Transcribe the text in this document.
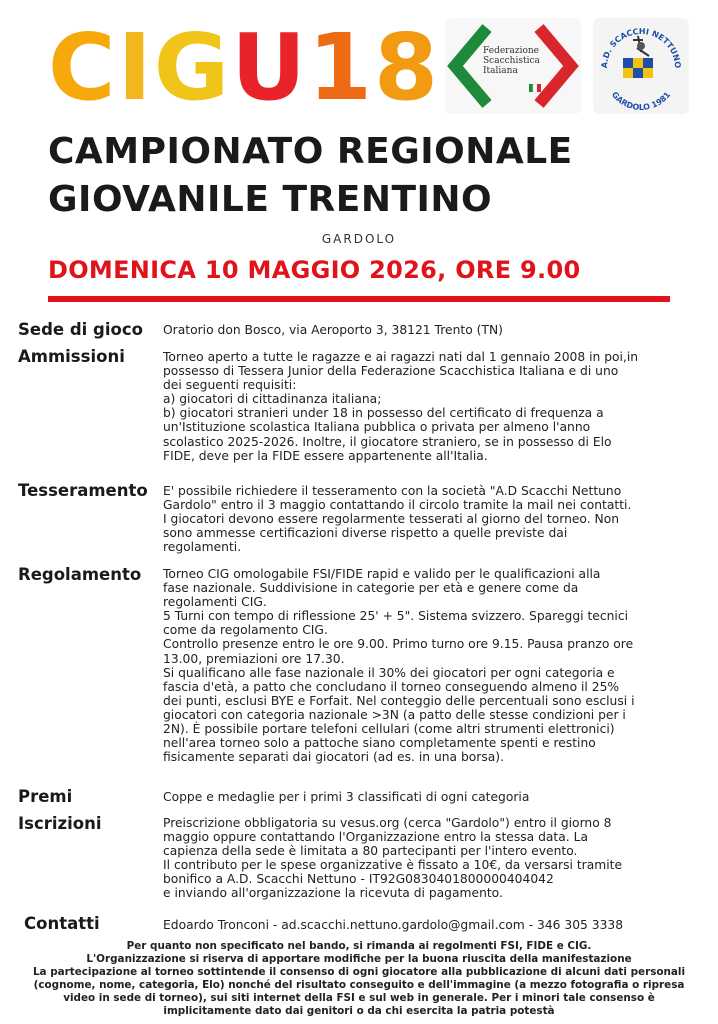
CIGU18	Federazione Scacchistica Italiana
A.D. SCACCHI NETTUNO
GARDOLO 1981
CAMPIONATO REGIONALE
GIOVANILE TRENTINO
GARDOLO
DOMENICA 10 MAGGIO 2026, ORE 9.00
Sede di gioco	Oratorio don Bosco, via Aeroporto 3, 38121 Trento (TN)
Ammissioni	Torneo aperto a tutte le ragazze e ai ragazzi nati dal 1 gennaio 2008 in poi,in
possesso di Tessera Junior della Federazione Scacchistica Italiana e di uno
dei seguenti requisiti:
a) giocatori di cittadinanza italiana;
b) giocatori stranieri under 18 in possesso del certificato di frequenza a
un'Istituzione scolastica Italiana pubblica o privata per almeno l'anno
scolastico 2025-2026. Inoltre, il giocatore straniero, se in possesso di Elo
FIDE, deve per la FIDE essere appartenente all'Italia.
Tesseramento	E' possibile richiedere il tesseramento con la società "A.D Scacchi Nettuno
Gardolo" entro il 3 maggio contattando il circolo tramite la mail nei contatti.
I giocatori devono essere regolarmente tesserati al giorno del torneo. Non
sono ammesse certificazioni diverse rispetto a quelle previste dai
regolamenti.
Regolamento	Torneo CIG omologabile FSI/FIDE rapid e valido per le qualificazioni alla
fase nazionale. Suddivisione in categorie per età e genere come da
regolamenti CIG.
5 Turni con tempo di riflessione 25' + 5". Sistema svizzero. Spareggi tecnici
come da regolamento CIG.
Controllo presenze entro le ore 9.00. Primo turno ore 9.15. Pausa pranzo ore
13.00, premiazioni ore 17.30.
Si qualificano alle fase nazionale il 30% dei giocatori per ogni categoria e
fascia d'età, a patto che concludano il torneo conseguendo almeno il 25%
dei punti, esclusi BYE e Forfait. Nel conteggio delle percentuali sono esclusi i
giocatori con categoria nazionale >3N (a patto delle stesse condizioni per i
2N). È possibile portare telefoni cellulari (come altri strumenti elettronici)
nell'area torneo solo a pattoche siano completamente spenti e restino
fisicamente separati dai giocatori (ad es. in una borsa).
Premi	Coppe e medaglie per i primi 3 classificati di ogni categoria
Iscrizioni	Preiscrizione obbligatoria su vesus.org (cerca "Gardolo") entro il giorno 8
maggio oppure contattando l'Organizzazione entro la stessa data. La
capienza della sede è limitata a 80 partecipanti per l'intero evento.
Il contributo per le spese organizzative è fissato a 10€, da versarsi tramite
bonifico a A.D. Scacchi Nettuno - IT92G0830401800000404042
e inviando all'organizzazione la ricevuta di pagamento.
Contatti	Edoardo Tronconi - ad.scacchi.nettuno.gardolo@gmail.com - 346 305 3338
Per quanto non specificato nel bando, si rimanda ai regolmenti FSI, FIDE e CIG.
L'Organizzazione si riserva di apportare modifiche per la buona riuscita della manifestazione
La partecipazione al torneo sottintende il consenso di ogni giocatore alla pubblicazione di alcuni dati personali
(cognome, nome, categoria, Elo) nonché del risultato conseguito e dell'immagine (a mezzo fotografia o ripresa
video in sede di torneo), sui siti internet della FSI e sul web in generale. Per i minori tale consenso è
implicitamente dato dai genitori o da chi esercita la patria potestà
